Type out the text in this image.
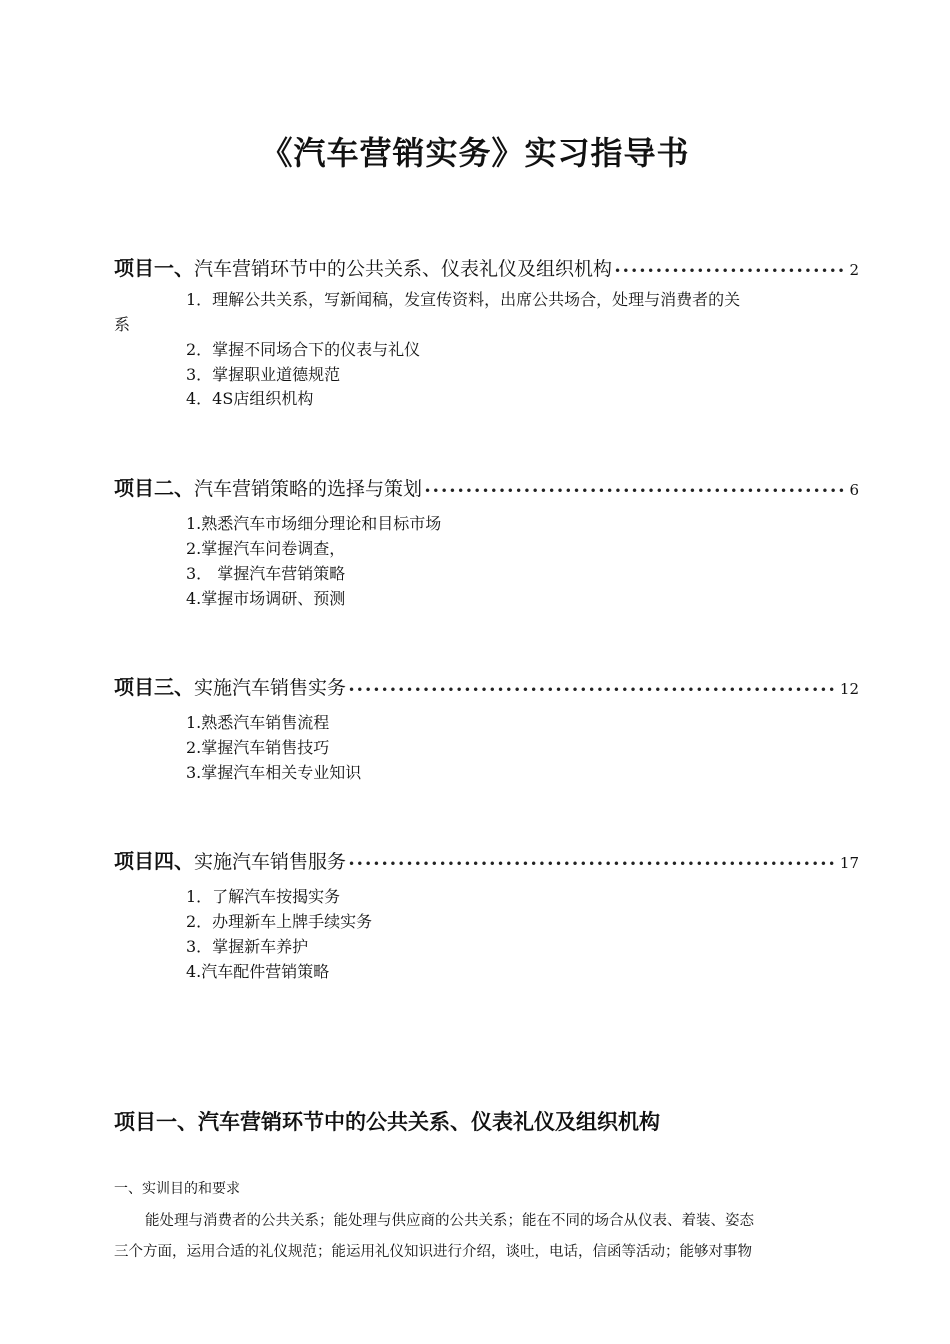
《汽车营销实务》实习指导书
项目一、 汽车营销环节中的公共关系、仪表礼仪及组织机构 •••••	2
1．理解公共关系，写新闻稿，发宣传资料，出席公共场合，处理与消费者的关
系
2．掌握不同场合下的仪表与礼仪
3．掌握职业道德规范
4．4S店组织机构
项目二、 汽车营销策略的选择与策划 •••••	6
1.熟悉汽车市场细分理论和目标市场
2.掌握汽车问卷调查，
3． 掌握汽车营销策略
4.掌握市场调研、预测
项目三、 实施汽车销售实务 •••••	12
1.熟悉汽车销售流程
2.掌握汽车销售技巧
3.掌握汽车相关专业知识
项目四、 实施汽车销售服务 •••••	17
1．了解汽车按揭实务
2．办理新车上牌手续实务
3．掌握新车养护
4.汽车配件营销策略
项目一、汽车营销环节中的公共关系、仪表礼仪及组织机构
一、实训目的和要求
能处理与消费者的公共关系；能处理与供应商的公共关系；能在不同的场合从仪表、着装、姿态
三个方面，运用合适的礼仪规范；能运用礼仪知识进行介绍，谈吐，电话，信函等活动；能够对事物
